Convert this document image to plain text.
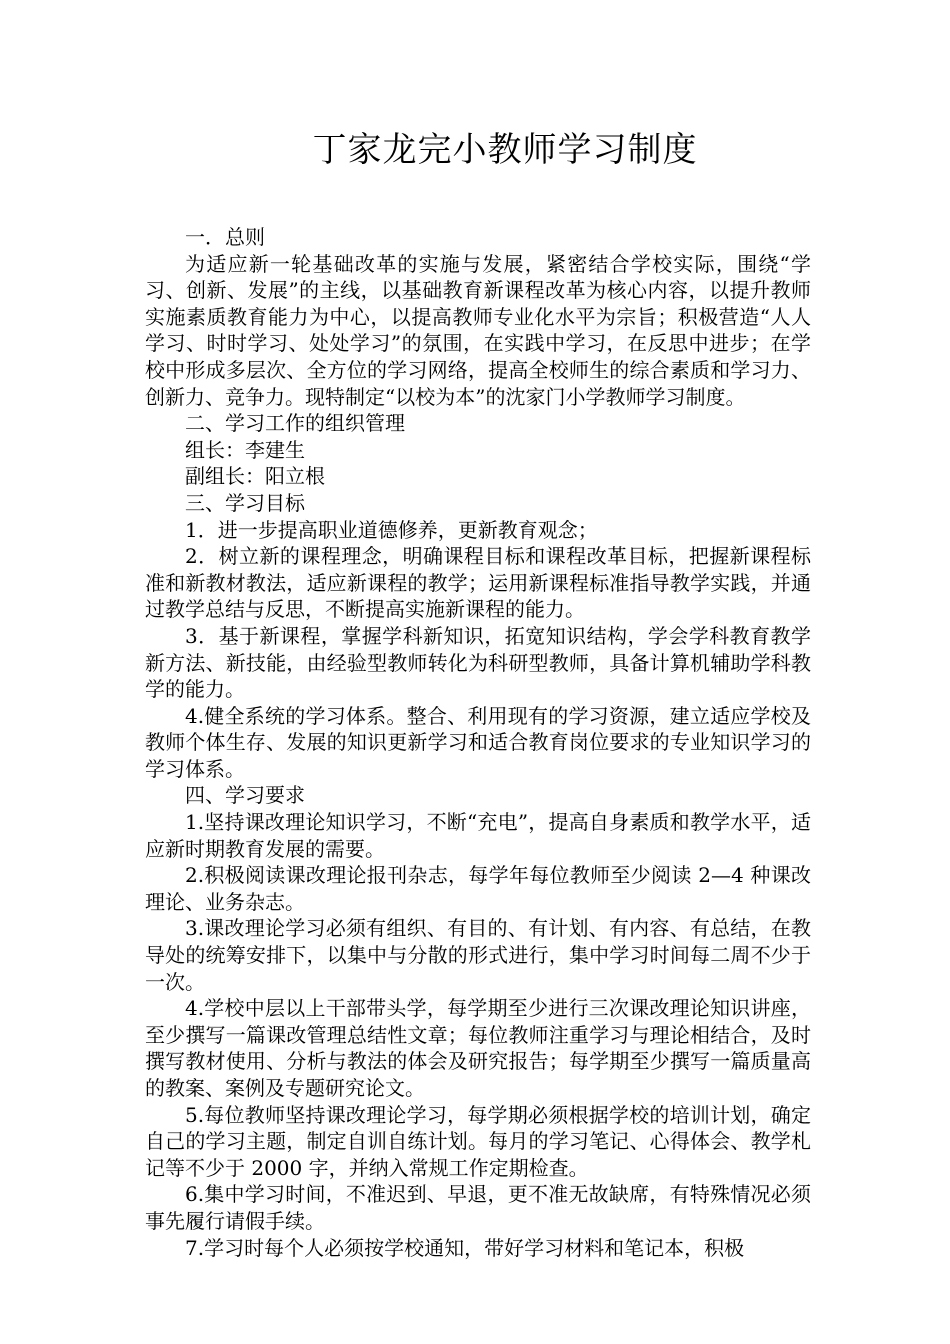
丁家龙完小教师学习制度

一．总则

为适应新一轮基础改革的实施与发展，紧密结合学校实际，围绕“学习、创新、发展”的主线，以基础教育新课程改革为核心内容，以提升教师实施素质教育能力为中心，以提高教师专业化水平为宗旨；积极营造“人人学习、时时学习、处处学习”的氛围，在实践中学习，在反思中进步；在学校中形成多层次、全方位的学习网络，提高全校师生的综合素质和学习力、创新力、竞争力。现特制定“以校为本”的沈家门小学教师学习制度。

二、学习工作的组织管理

组长：李建生

副组长：阳立根

三、学习目标

1．进一步提高职业道德修养，更新教育观念；

2．树立新的课程理念，明确课程目标和课程改革目标，把握新课程标准和新教材教法，适应新课程的教学；运用新课程标准指导教学实践，并通过教学总结与反思，不断提高实施新课程的能力。

3．基于新课程，掌握学科新知识，拓宽知识结构，学会学科教育教学新方法、新技能，由经验型教师转化为科研型教师，具备计算机辅助学科教学的能力。

4.健全系统的学习体系。整合、利用现有的学习资源，建立适应学校及教师个体生存、发展的知识更新学习和适合教育岗位要求的专业知识学习的学习体系。

四、学习要求

1.坚持课改理论知识学习，不断“充电”，提高自身素质和教学水平，适应新时期教育发展的需要。

2.积极阅读课改理论报刊杂志，每学年每位教师至少阅读 2—4 种课改理论、业务杂志。

3.课改理论学习必须有组织、有目的、有计划、有内容、有总结，在教导处的统筹安排下，以集中与分散的形式进行，集中学习时间每二周不少于一次。

4.学校中层以上干部带头学，每学期至少进行三次课改理论知识讲座，至少撰写一篇课改管理总结性文章；每位教师注重学习与理论相结合，及时撰写教材使用、分析与教法的体会及研究报告；每学期至少撰写一篇质量高的教案、案例及专题研究论文。

5.每位教师坚持课改理论学习，每学期必须根据学校的培训计划，确定自己的学习主题，制定自训自练计划。每月的学习笔记、心得体会、教学札记等不少于 2000 字，并纳入常规工作定期检查。

6.集中学习时间，不准迟到、早退，更不准无故缺席，有特殊情况必须事先履行请假手续。

7.学习时每个人必须按学校通知，带好学习材料和笔记本，积极
